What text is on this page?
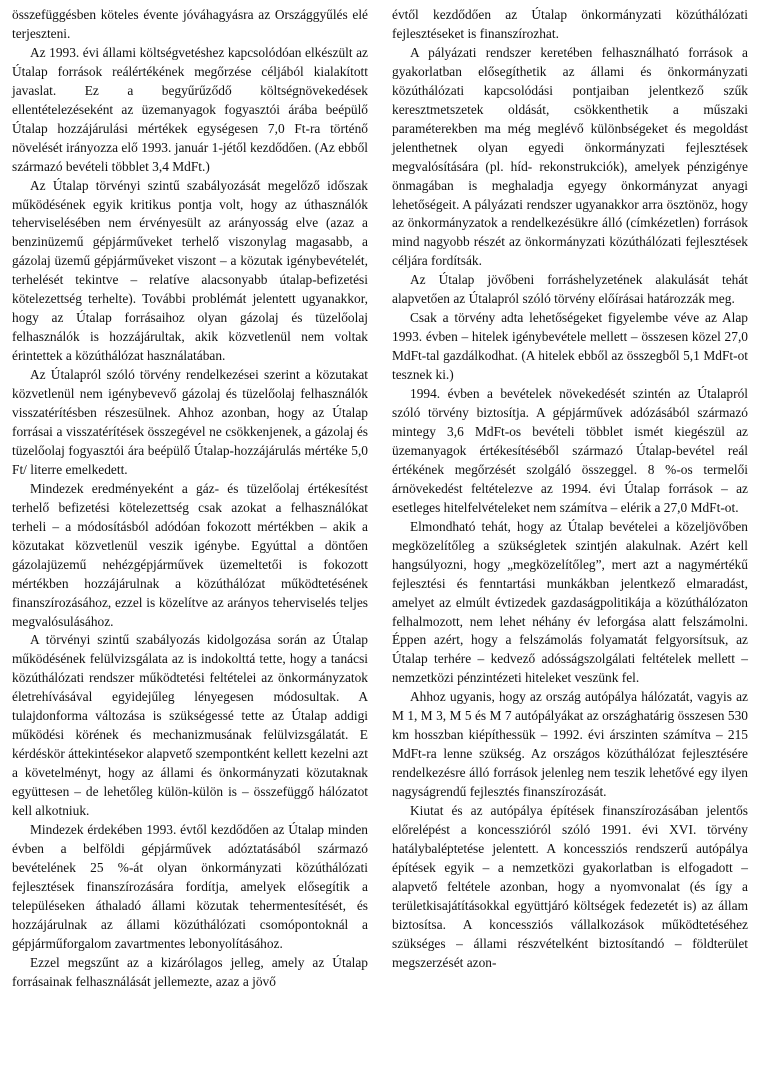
összefüggésben köteles évente jóváhagyásra az Országgyűlés elé terjeszteni.

Az 1993. évi állami költségvetéshez kapcsolódóan elkészült az Útalap források reálértékének megőrzése céljából kialakított javaslat. Ez a begyűrűződő költségnövekedések ellentételezéseként az üzemanyagok fogyasztói árába beépülő Útalap hozzájárulási mértékek egységesen 7,0 Ft-ra történő növelését irányozza elő 1993. január 1-jétől kezdődően. (Az ebből származó bevételi többlet 3,4 MdFt.)

Az Útalap törvényi szintű szabályozását megelőző időszak működésének egyik kritikus pontja volt, hogy az úthasználók teherviselésében nem érvényesült az arányosság elve (azaz a benzinüzemű gépjárműveket terhelő viszonylag magasabb, a gázolaj üzemű gépjárműveket viszont – a közutak igénybevételét, terhelését tekintve – relatíve alacsonyabb útalap-befizetési kötelezettség terhelte). További problémát jelentett ugyanakkor, hogy az Útalap forrásaihoz olyan gázolaj és tüzelőolaj felhasználók is hozzájárultak, akik közvetlenül nem voltak érintettek a közúthálózat használatában.

Az Útalapról szóló törvény rendelkezései szerint a közutakat közvetlenül nem igénybevevő gázolaj és tüzelőolaj felhasználók visszatérítésben részesülnek. Ahhoz azonban, hogy az Útalap forrásai a visszatérítések összegével ne csökkenjenek, a gázolaj és tüzelőolaj fogyasztói ára beépülő Útalap-hozzájárulás mértéke 5,0 Ft/ literre emelkedett.

Mindezek eredményeként a gáz- és tüzelőolaj értékesítést terhelő befizetési kötelezettség csak azokat a felhasználókat terheli – a módosításból adódóan fokozott mértékben – akik a közutakat közvetlenül veszik igénybe. Egyúttal a döntően gázolajüzemű nehézgépjárművek üzemeltetői is fokozott mértékben hozzájárulnak a közúthálózat működtetésének finanszírozásához, ezzel is közelítve az arányos teherviselés teljes megvalósulásához.

A törvényi szintű szabályozás kidolgozása során az Útalap működésének felülvizsgálata az is indokolttá tette, hogy a tanácsi közúthálózati rendszer működtetési feltételei az önkormányzatok életrehívásával egyidejűleg lényegesen módosultak. A tulajdonforma változása is szükségessé tette az Útalap addigi működési körének és mechanizmusának felülvizsgálatát. E kérdéskör áttekintésekor alapvető szempontként kellett kezelni azt a követelményt, hogy az állami és önkormányzati közutaknak együttesen – de lehetőleg külön-külön is – összefüggő hálózatot kell alkotniuk.

Mindezek érdekében 1993. évtől kezdődően az Útalap minden évben a belföldi gépjárművek adóztatásából származó bevételének 25 %-át olyan önkormányzati közúthálózati fejlesztések finanszírozására fordítja, amelyek elősegítik a településeken áthaladó állami közutak tehermentesítését, és hozzájárulnak az állami közúthálózati csomópontoknál a gépjárműforgalom zavartmentes lebonyolításához.

Ezzel megszűnt az a kizárólagos jelleg, amely az Útalap forrásainak felhasználását jellemezte, azaz a jövő

évtől kezdődően az Útalap önkormányzati közúthálózati fejlesztéseket is finanszírozhat.

A pályázati rendszer keretében felhasználható források a gyakorlatban elősegíthetik az állami és önkormányzati közúthálózati kapcsolódási pontjaiban jelentkező szűk keresztmetszetek oldását, csökkenthetik a műszaki paraméterekben ma még meglévő különbségeket és megoldást jelenthetnek olyan egyedi önkormányzati fejlesztések megvalósítására (pl. híd- rekonstrukciók), amelyek pénzigénye önmagában is meghaladja egyegy önkormányzat anyagi lehetőségeit. A pályázati rendszer ugyanakkor arra ösztönöz, hogy az önkormányzatok a rendelkezésükre álló (címkézetlen) források mind nagyobb részét az önkormányzati közúthálózati fejlesztések céljára fordítsák.

Az Útalap jövőbeni forráshelyzetének alakulását tehát alapvetően az Útalapról szóló törvény előírásai határozzák meg.

Csak a törvény adta lehetőségeket figyelembe véve az Alap 1993. évben – hitelek igénybevétele mellett – összesen közel 27,0 MdFt-tal gazdálkodhat. (A hitelek ebből az összegből 5,1 MdFt-ot tesznek ki.)

1994. évben a bevételek növekedését szintén az Útalapról szóló törvény biztosítja. A gépjárművek adózásából származó mintegy 3,6 MdFt-os bevételi többlet ismét kiegészül az üzemanyagok értékesítéséből származó Útalap-bevétel reál értékének megőrzését szolgáló összeggel. 8 %-os termelői árnövekedést feltételezve az 1994. évi Útalap források – az esetleges hitelfelvételeket nem számítva – elérik a 27,0 MdFt-ot.

Elmondható tehát, hogy az Útalap bevételei a közeljövőben megközelítőleg a szükségletek szintjén alakulnak. Azért kell hangsúlyozni, hogy „megközelítőleg”, mert azt a nagymértékű fejlesztési és fenntartási munkákban jelentkező elmaradást, amelyet az elmúlt évtizedek gazdaságpolitikája a közúthálózaton felhalmozott, nem lehet néhány év leforgása alatt felszámolni. Éppen azért, hogy a felszámolás folyamatát felgyorsítsuk, az Útalap terhére – kedvező adósságszolgálati feltételek mellett – nemzetközi pénzintézeti hiteleket veszünk fel.

Ahhoz ugyanis, hogy az ország autópálya hálózatát, vagyis az M 1, M 3, M 5 és M 7 autópályákat az országhatárig összesen 530 km hosszban kiépíthessük – 1992. évi árszinten számítva – 215 MdFt-ra lenne szükség. Az országos közúthálózat fejlesztésére rendelkezésre álló források jelenleg nem teszik lehetővé egy ilyen nagyságrendű fejlesztés finanszírozását.

Kiutat és az autópálya építések finanszírozásában jelentős előrelépést a koncesszióról szóló 1991. évi XVI. törvény hatálybaléptetése jelentett. A koncessziós rendszerű autópálya építések egyik – a nemzetközi gyakorlatban is elfogadott – alapvető feltétele azonban, hogy a nyomvonalat (és így a területkisajátításokkal együttjáró költségek fedezetét is) az állam biztosítsa. A koncessziós vállalkozások működtetéséhez szükséges – állami részvételként biztosítandó – földterület megszerzését azon-
